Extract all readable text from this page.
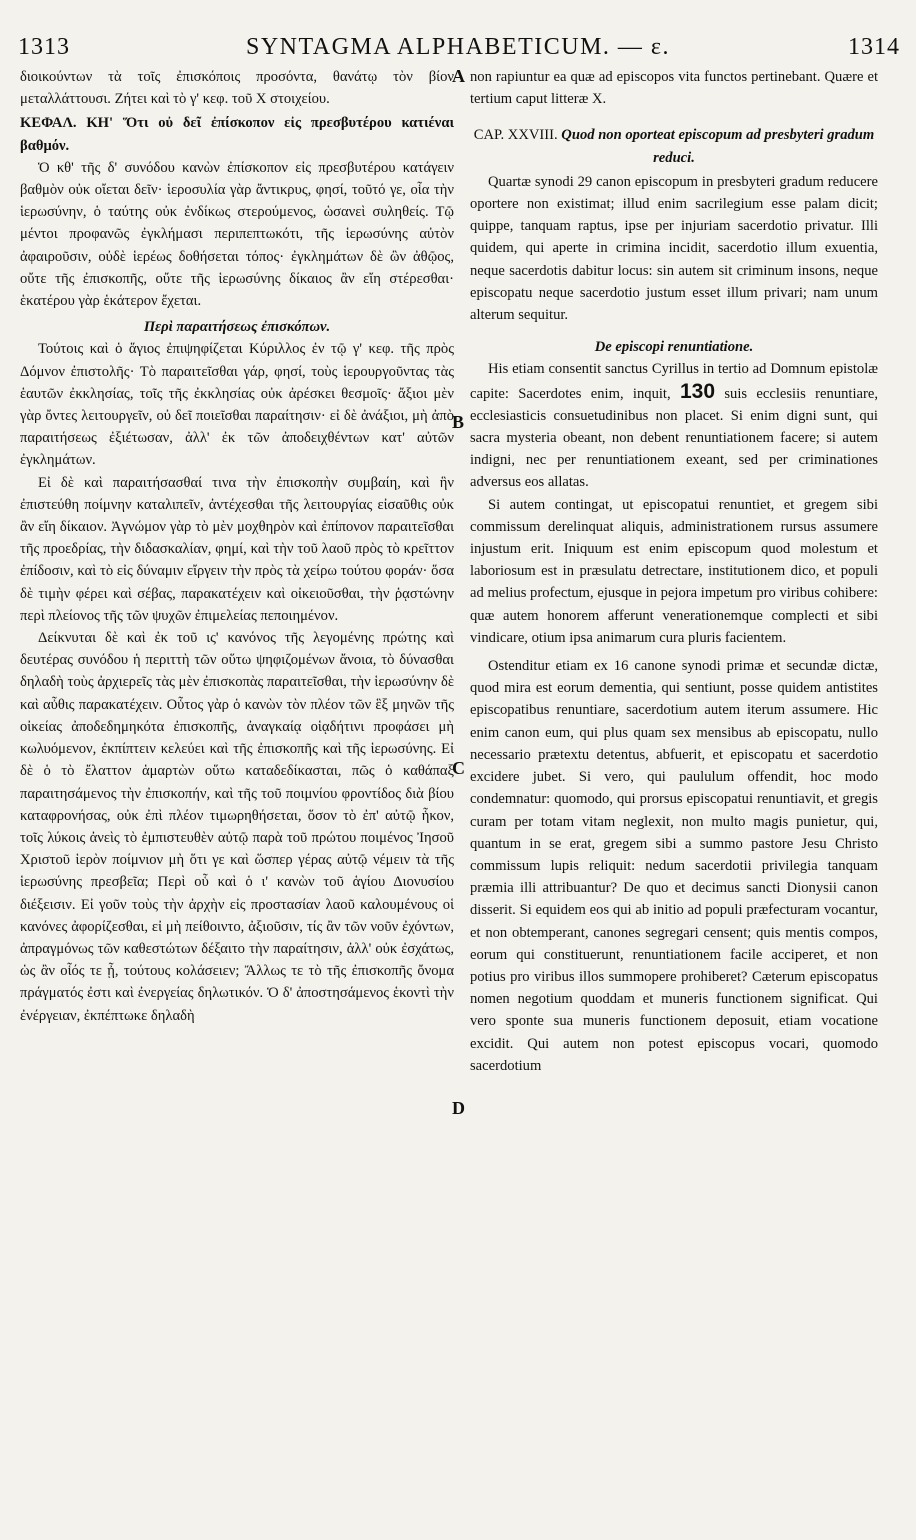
1313	SYNTAGMA ALPHABETICUM. — ε.	1314
A
B
C
D

διοικούντων τὰ τοῖς ἐπισκόποις προσόντα, θανάτῳ τὸν βίον μεταλλάττουσι. Ζήτει καὶ τὸ γ' κεφ. τοῦ Χ στοιχείου.

ΚΕΦΑΛ. ΚΗ' Ὅτι οὐ δεῖ ἐπίσκοπον εἰς πρεσβυτέρου κατιέναι βαθμόν.

Ὁ κθ' τῆς δ' συνόδου κανὼν ἐπίσκοπον εἰς πρεσβυτέρου κατάγειν βαθμὸν οὐκ οἴεται δεῖν· ἱεροσυλία γὰρ ἄντικρυς, φησί, τοῦτό γε, οἷα τὴν ἱερωσύνην, ὁ ταύτης οὐκ ἐνδίκως στερούμενος, ὡσανεὶ συληθείς. Τῷ μέντοι προφανῶς ἐγκλήμασι περιπεπτωκότι, τῆς ἱερωσύνης αὐτὸν ἀφαιροῦσιν, οὐδὲ ἱερέως δοθήσεται τόπος· ἐγκλημάτων δὲ ὢν ἀθῷος, οὔτε τῆς ἐπισκοπῆς, οὔτε τῆς ἱερωσύνης δίκαιος ἂν εἴη στέρεσθαι· ἑκατέρου γὰρ ἑκάτερον ἔχεται.

Περὶ παραιτήσεως ἐπισκόπων.

Τούτοις καὶ ὁ ἅγιος ἐπιψηφίζεται Κύριλλος ἐν τῷ γ' κεφ. τῆς πρὸς Δόμνον ἐπιστολῆς· Τὸ παραιτεῖσθαι γάρ, φησί, τοὺς ἱερουργοῦντας τὰς ἑαυτῶν ἐκκλησίας, τοῖς τῆς ἐκκλησίας οὐκ ἀρέσκει θεσμοῖς· ἄξιοι μὲν γὰρ ὄντες λειτουργεῖν, οὐ δεῖ ποιεῖσθαι παραίτησιν· εἰ δὲ ἀνάξιοι, μὴ ἀπὸ παραιτήσεως ἐξιέτωσαν, ἀλλ' ἐκ τῶν ἀποδειχθέντων κατ' αὐτῶν ἐγκλημάτων.

Εἰ δὲ καὶ παραιτήσασθαί τινα τὴν ἐπισκοπὴν συμβαίη, καὶ ἣν ἐπιστεύθη ποίμνην καταλιπεῖν, ἀντέχεσθαι τῆς λειτουργίας εἰσαῦθις οὐκ ἂν εἴη δίκαιον. Ἀγνώμον γὰρ τὸ μὲν μοχθηρὸν καὶ ἐπίπονον παραιτεῖσθαι τῆς προεδρίας, τὴν διδασκαλίαν, φημί, καὶ τὴν τοῦ λαοῦ πρὸς τὸ κρεῖττον ἐπίδοσιν, καὶ τὸ εἰς δύναμιν εἴργειν τὴν πρὸς τὰ χείρω τούτου φοράν· ὅσα δὲ τιμὴν φέρει καὶ σέβας, παρακατέχειν καὶ οἰκειοῦσθαι, τὴν ῥᾳστώνην περὶ πλείονος τῆς τῶν ψυχῶν ἐπιμελείας πεποιημένον.

Δείκνυται δὲ καὶ ἐκ τοῦ ις' κανόνος τῆς λεγομένης πρώτης καὶ δευτέρας συνόδου ἡ περιττὴ τῶν οὕτω ψηφιζομένων ἄνοια, τὸ δύνασθαι δηλαδὴ τοὺς ἀρχιερεῖς τὰς μὲν ἐπισκοπὰς παραιτεῖσθαι, τὴν ἱερωσύνην δὲ καὶ αὖθις παρακατέχειν. Οὗτος γὰρ ὁ κανὼν τὸν πλέον τῶν ἓξ μηνῶν τῆς οἰκείας ἀποδεδημηκότα ἐπισκοπῆς, ἀναγκαίᾳ οἱᾳδήτινι προφάσει μὴ κωλυόμενον, ἐκπίπτειν κελεύει καὶ τῆς ἐπισκοπῆς καὶ τῆς ἱερωσύνης. Εἰ δὲ ὁ τὸ ἔλαττον ἁμαρτὼν οὕτω καταδεδίκασται, πῶς ὁ καθάπαξ παραιτησάμενος τὴν ἐπισκοπήν, καὶ τῆς τοῦ ποιμνίου φροντίδος διὰ βίου καταφρονήσας, οὐκ ἐπὶ πλέον τιμωρηθήσεται, ὅσον τὸ ἐπ' αὐτῷ ἧκον, τοῖς λύκοις ἀνεὶς τὸ ἐμπιστευθὲν αὐτῷ παρὰ τοῦ πρώτου ποιμένος Ἰησοῦ Χριστοῦ ἱερὸν ποίμνιον μὴ ὅτι γε καὶ ὥσπερ γέρας αὐτῷ νέμειν τὰ τῆς ἱερωσύνης πρεσβεῖα; Περὶ οὗ καὶ ὁ ι' κανὼν τοῦ ἁγίου Διονυσίου διέξεισιν. Εἰ γοῦν τοὺς τὴν ἀρχὴν εἰς προστασίαν λαοῦ καλουμένους οἱ κανόνες ἀφορίζεσθαι, εἰ μὴ πείθοιντο, ἀξιοῦσιν, τίς ἂν τῶν νοῦν ἐχόντων, ἀπραγμόνως τῶν καθεστώτων δέξαιτο τὴν παραίτησιν, ἀλλ' οὐκ ἐσχάτως, ὡς ἂν οἷός τε ᾖ, τούτους κολάσειεν; Ἄλλως τε τὸ τῆς ἐπισκοπῆς ὄνομα πράγματός ἐστι καὶ ἐνεργείας δηλωτικόν. Ὁ δ' ἀποστησάμενος ἑκοντὶ τὴν ἐνέργειαν, ἐκπέπτωκε δηλαδὴ

non rapiuntur ea quæ ad episcopos vita functos pertinebant. Quære et tertium caput litteræ X.

CAP. XXVIII. Quod non oporteat episcopum ad presbyteri gradum reduci.

Quartæ synodi 29 canon episcopum in presbyteri gradum reducere oportere non existimat; illud enim sacrilegium esse palam dicit; quippe, tanquam raptus, ipse per injuriam sacerdotio privatur. Illi quidem, qui aperte in crimina incidit, sacerdotio illum exuentia, neque sacerdotis dabitur locus: sin autem sit criminum insons, neque episcopatu neque sacerdotio justum esset illum privari; nam unum alterum sequitur.

De episcopi renuntiatione.

His etiam consentit sanctus Cyrillus in tertio ad Domnum epistolæ capite: Sacerdotes enim, inquit, 130 suis ecclesiis renuntiare, ecclesiasticis consuetudinibus non placet. Si enim digni sunt, qui sacra mysteria obeant, non debent renuntiationem facere; si autem indigni, nec per renuntiationem exeant, sed per criminationes adversus eos allatas.

Si autem contingat, ut episcopatui renuntiet, et gregem sibi commissum derelinquat aliquis, administrationem rursus assumere injustum erit. Iniquum est enim episcopum quod molestum et laboriosum est in præsulatu detrectare, institutionem dico, et populi ad melius profectum, ejusque in pejora impetum pro viribus cohibere: quæ autem honorem afferunt venerationemque complecti et sibi vindicare, otium ipsa animarum cura pluris facientem.

Ostenditur etiam ex 16 canone synodi primæ et secundæ dictæ, quod mira est eorum dementia, qui sentiunt, posse quidem antistites episcopatibus renuntiare, sacerdotium autem iterum assumere. Hic enim canon eum, qui plus quam sex mensibus ab episcopatu, nullo necessario prætextu detentus, abfuerit, et episcopatu et sacerdotio excidere jubet. Si vero, qui paululum offendit, hoc modo condemnatur: quomodo, qui prorsus episcopatui renuntiavit, et gregis curam per totam vitam neglexit, non multo magis punietur, qui, quantum in se erat, gregem sibi a summo pastore Jesu Christo commissum lupis reliquit: nedum sacerdotii privilegia tanquam præmia illi attribuantur? De quo et decimus sancti Dionysii canon disserit. Si equidem eos qui ab initio ad populi præfecturam vocantur, et non obtemperant, canones segregari censent; quis mentis compos, eorum qui constituerunt, renuntiationem facile acciperet, et non potius pro viribus illos summopere prohiberet? Cæterum episcopatus nomen negotium quoddam et muneris functionem significat. Qui vero sponte sua muneris functionem deposuit, etiam vocatione excidit. Qui autem non potest episcopus vocari, quomodo sacerdotium
